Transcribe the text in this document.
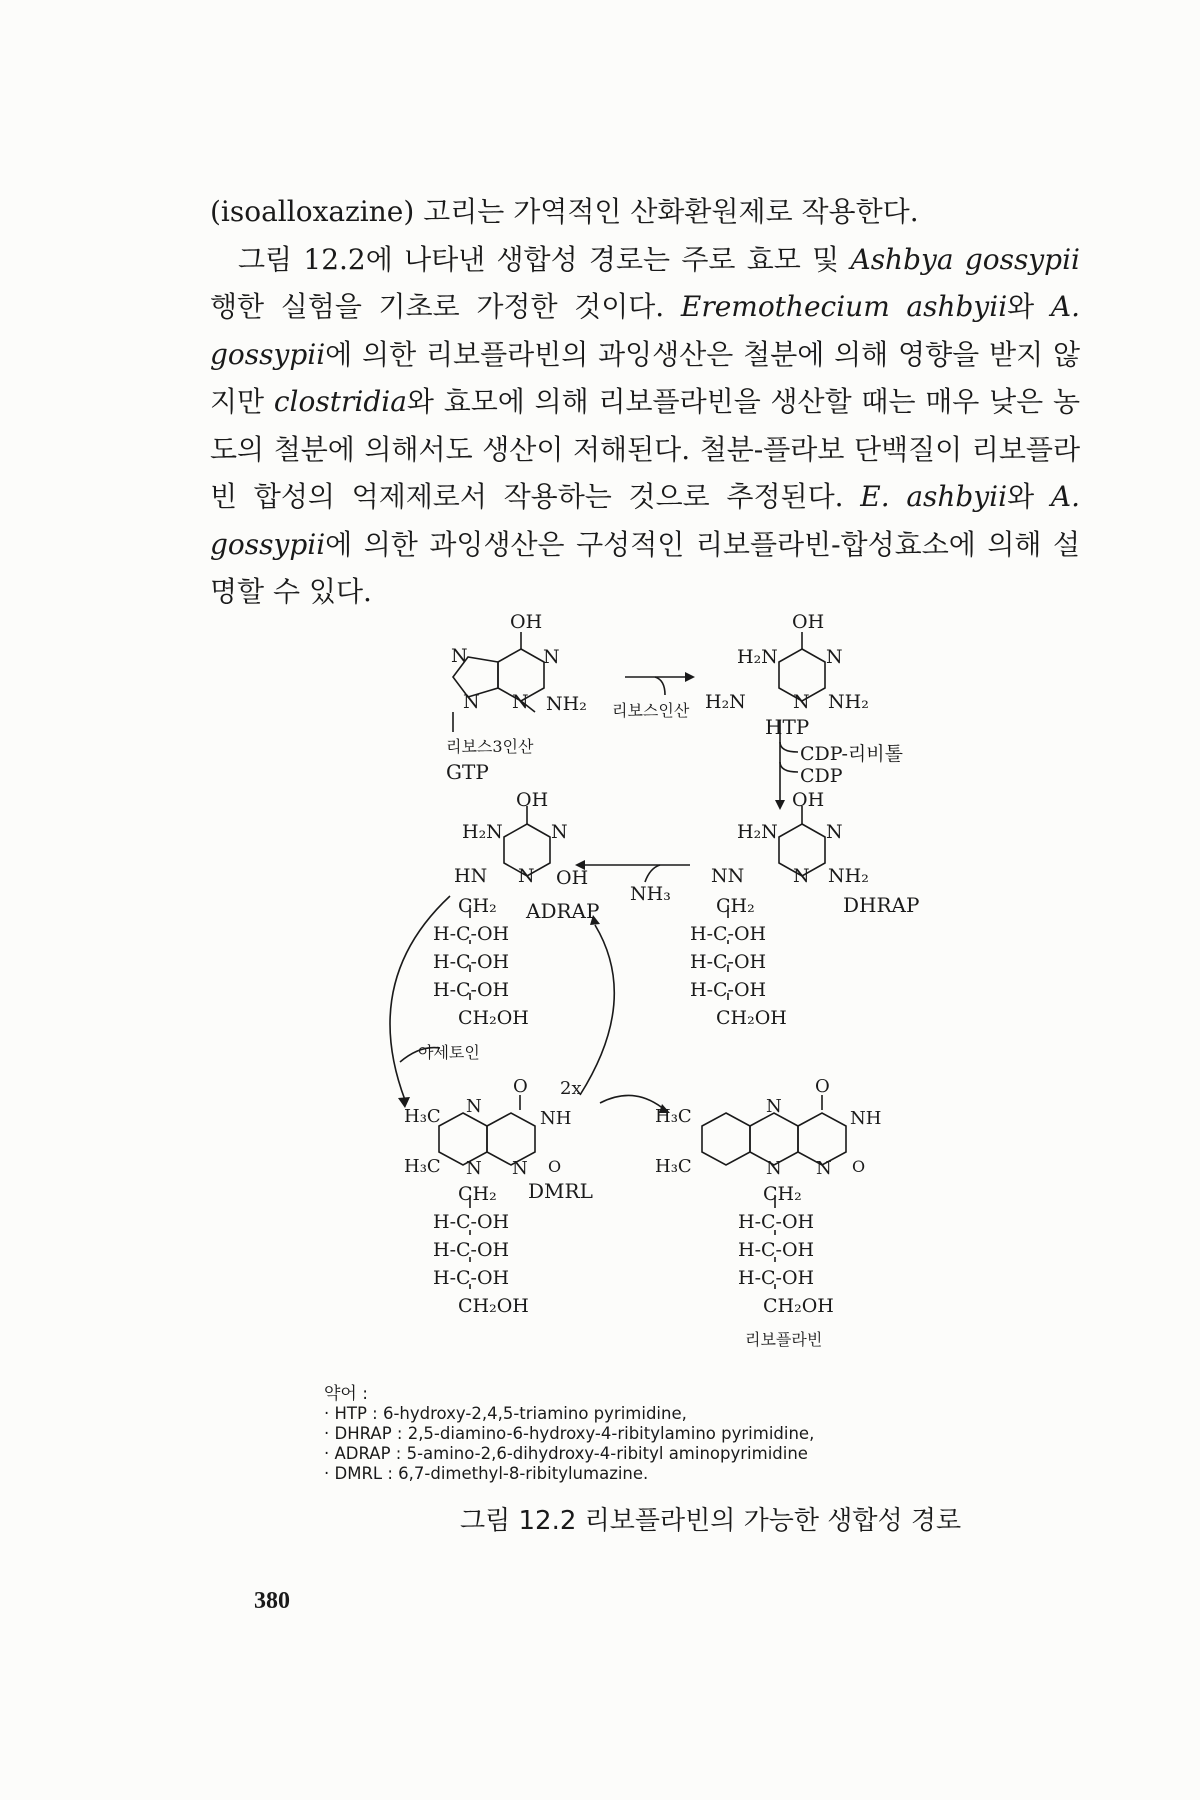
(isoalloxazine) 고리는 가역적인 산화환원제로 작용한다.

그림 12.2에 나타낸 생합성 경로는 주로 효모 및 Ashbya gossypii 행한 실험을 기초로 가정한 것이다. Eremothecium ashbyii와 A. gossypii에 의한 리보플라빈의 과잉생산은 철분에 의해 영향을 받지 않지만 clostridia와 효모에 의해 리보플라빈을 생산할 때는 매우 낮은 농도의 철분에 의해서도 생산이 저해된다. 철분-플라보 단백질이 리보플라빈 합성의 억제제로서 작용하는 것으로 추정된다. E. ashbyii와 A. gossypii에 의한 과잉생산은 구성적인 리보플라빈-합성효소에 의해 설명할 수 있다.

OH
N	N
N N NH₂
리보스3인산
GTP
리보스인산
OH
H₂N	N
H₂N N NH₂
HTP
CDP-리비톨
CDP
OH
H₂N	N
NN	N NH₂
DHRAP
CH₂
H-C-OH
H-C-OH
H-C-OH
CH₂OH
NH₃
OH
H₂N	N
HN N OH
ADRAP
CH₂
H-C-OH
H-C-OH
H-C-OH
CH₂OH
아세토인
2x
O
H₃C N
NH
H₃C N N O
DMRL
CH₂
H-C-OH
H-C-OH
H-C-OH
CH₂OH
O
H₃C	N
NH
H₃C	N N O
CH₂
H-C-OH
H-C-OH
H-C-OH
CH₂OH
리보플라빈
약어 :
· HTP : 6-hydroxy-2,4,5-triamino pyrimidine,
· DHRAP : 2,5-diamino-6-hydroxy-4-ribitylamino pyrimidine,
· ADRAP : 5-amino-2,6-dihydroxy-4-ribityl aminopyrimidine
· DMRL : 6,7-dimethyl-8-ribitylumazine.
그림 12.2 리보플라빈의 가능한 생합성 경로
380
